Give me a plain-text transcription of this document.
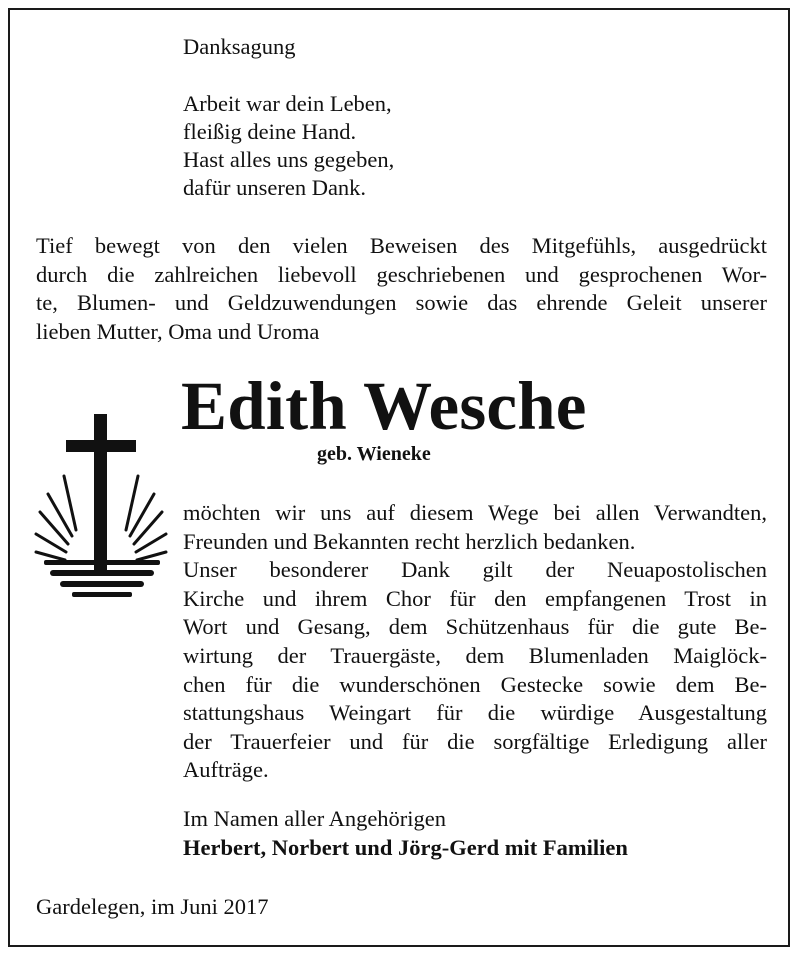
Danksagung
Arbeit war dein Leben,
fleißig deine Hand.
Hast alles uns gegeben,
dafür unseren Dank.
Tief bewegt von den vielen Beweisen des Mitgefühls, ausgedrückt
durch die zahlreichen liebevoll geschriebenen und gesprochenen Wor-
te, Blumen- und Geldzuwendungen sowie das ehrende Geleit unserer
lieben Mutter, Oma und Uroma
Edith Wesche
geb. Wieneke
möchten wir uns auf diesem Wege bei allen Verwandten,
Freunden und Bekannten recht herzlich bedanken.
Unser besonderer Dank gilt der Neuapostolischen
Kirche und ihrem Chor für den empfangenen Trost in
Wort und Gesang, dem Schützenhaus für die gute Be-
wirtung der Trauergäste, dem Blumenladen Maiglöck-
chen für die wunderschönen Gestecke sowie dem Be-
stattungshaus Weingart für die würdige Ausgestaltung
der Trauerfeier und für die sorgfältige Erledigung aller
Aufträge.
Im Namen aller Angehörigen
Herbert, Norbert und Jörg-Gerd mit Familien
Gardelegen, im Juni 2017
